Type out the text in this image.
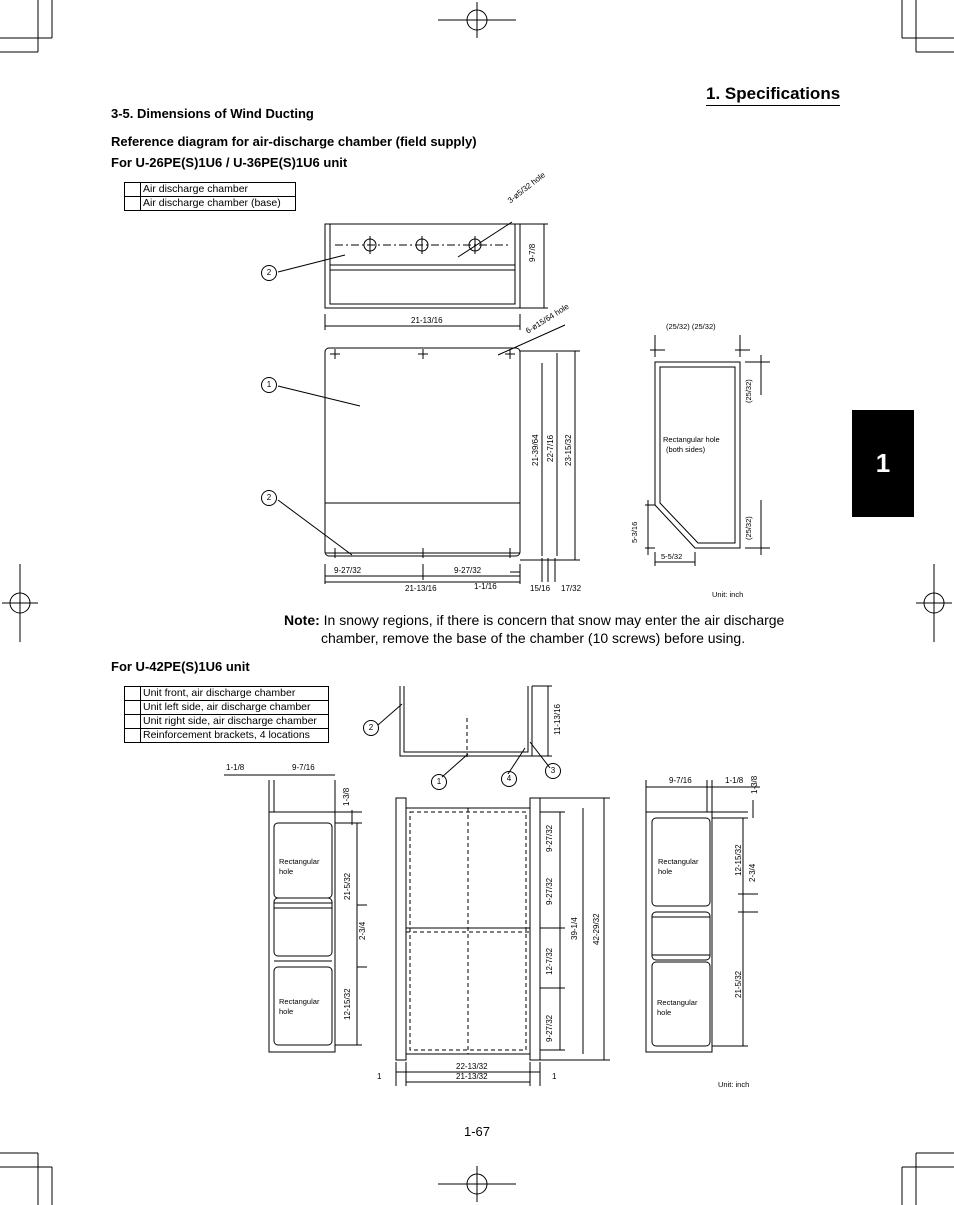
2
1
2
2
1	4
3
1. Specifications
1
3-5. Dimensions of Wind Ducting
Reference diagram for air-discharge chamber (field supply)
For U-26PE(S)1U6 / U-36PE(S)1U6 unit
For U-42PE(S)1U6 unit
	Air discharge chamber
	Air discharge chamber (base)
	Unit front, air discharge chamber
	Unit left side, air discharge chamber
	Unit right side, air discharge chamber
	Reinforcement brackets, 4 locations
3-ø5/32 hole
9-7/8
21-13/16	6-ø15/64 hole
21-39/64 22-7/16 23-15/32
9-27/32	9-27/32
21-13/16	1-1/16	15/16 17/32
(25/32) (25/32)
(25/32)
(25/32)
5-3/16
5-5/32
Rectangular hole
(both sides)
Unit: inch
Note: In snowy regions, if there is concern that snow may enter the air discharge
chamber, remove the base of the chamber (10 screws) before using.
11-13/16
1-1/8	9-7/16
1-3/8
21-5/32
2-3/4
12-15/32
Rectangular
hole
Rectangular
hole
9-27/32
9-27/32
12-7/32
9-27/32
39-1/4 42-29/32
22-13/32
21-13/32
1	1
9-7/16	1-1/8 1-3/8
12-15/32 2-3/4
21-5/32
Rectangular
hole
Rectangular
hole
Unit: inch
1-67
